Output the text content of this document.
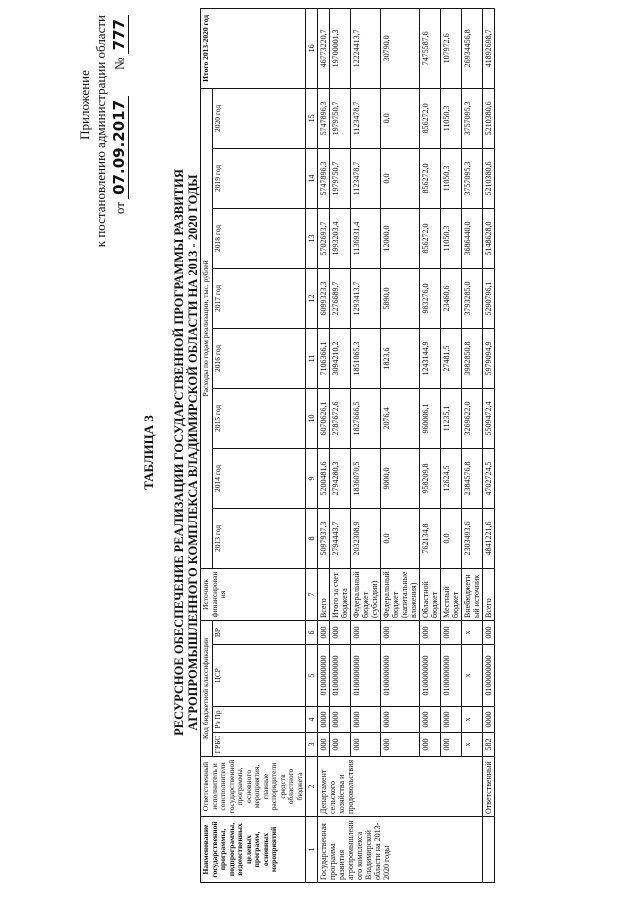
Приложение к постановлению администрации области от 07.09.2017        № 777
ТАБЛИЦА 3 РЕСУРСНОЕ ОБЕСПЕЧЕНИЕ РЕАЛИЗАЦИИ ГОСУДАРСТВЕННОЙ ПРОГРАММЫ РАЗВИТИЯ АГРОПРОМЫШЛЕННОГО КОМПЛЕКСА ВЛАДИМИРСКОЙ ОБЛАСТИ НА 2013 - 2020 ГОДЫ
Наименование государственной программы, подпрограммы, ведомственных целевых программ, основных мероприятий	Ответственный исполнитель и соисполнители государственной программы, основного мероприятия, главные распорядители средств областного бюджета	Код бюджетной классификации				Источник финансирования	Расходы по годам реализации, тыс. рублей								Итого 2013-2020 год
		ГРБС	Рз Пр	ЦСР	ВР		2013 год	2014 год	2015 год	2016 год	2017 год	2018 год	2019 год	2020 год	

1	2	3	4	5	6	7	8	9	10	11	12	13	14	15	16
Государственная программа развития агропромышленного комплекса Владимирской области на 2013-2020 годы	Департамент сельского хозяйства и продовольствия	000	0000	0100000000	000	Всего	5097937,3	5200481,6	6070626,1	7106366,1	6099323,3	5702693,7	5747896,3	5747896,3	46773220,7
		000	0000	0100000000	000	Итого за счет бюджета	2794443,7	2794280,3	2787672,6	3094210,2	2276689,7	1993203,4	1979750,7	1979750,7	19700001,3
		000	0000	0100000000	000	Федеральный бюджет (субсидии)	2032308,9	1836070,5	1827666,5	1851065,3	1293413,7	1136931,4	1123478,7	1123478,7	12224413,7
		000	0000	0100000000	000	Федеральный бюджет (капитальные вложения)	0,0	9000,0	2076,4	1823,6	5890,0	12000,0	0,0	0,0	30790,0
		000	0000	0100000000	000	Областной бюджет	762134,8	958209,8	960006,1	1243144,9	983276,0	856272,0	856272,0	856272,0	7475587,6
		000	0000	0100000000	000	Местный бюджет	0,0	12624,5	11235,1	27481,5	23460,6	11050,3	11050,3	11050,3	107972,6
		x	x	x	x	Внебюджетный источник	2303493,6	2384576,8	3269622,0	3982850,8	3793285,0	3686440,0	3757095,3	3757095,3	26934456,8
	Ответственный	582	0000	0100000000	000	Всего	4841221,6	4702724,5	5509472,4	5979094,9	5290796,1	5148628,0	5210380,6	5210380,6	41892698,7
